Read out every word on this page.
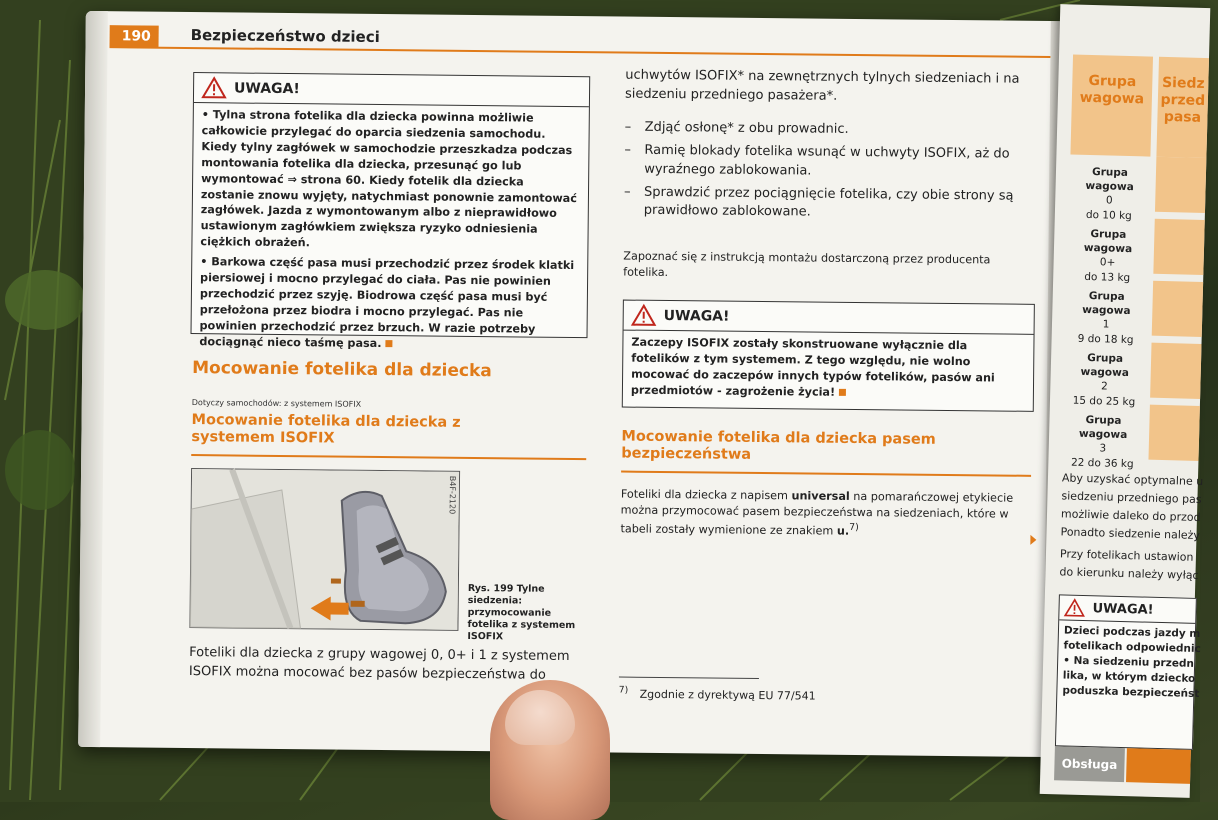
190	Bezpieczeństwo dzieci
UWAGA!

• Tylna strona fotelika dla dziecka powinna możliwie całkowicie przylegać do oparcia siedzenia samochodu. Kiedy tylny zagłówek w samochodzie przeszkadza podczas montowania fotelika dla dziecka, przesunąć go lub wymontować ⇒ strona 60. Kiedy fotelik dla dziecka zostanie znowu wyjęty, natychmiast ponownie zamontować zagłówek. Jazda z wymontowanym albo z nieprawidłowo ustawionym zagłówkiem zwiększa ryzyko odniesienia ciężkich obrażeń.

• Barkowa część pasa musi przechodzić przez środek klatki piersiowej i mocno przylegać do ciała. Pas nie powinien przechodzić przez szyję. Biodrowa część pasa musi być przełożona przez biodra i mocno przylegać. Pas nie powinien przechodzić przez brzuch. W razie potrzeby dociągnąć nieco taśmę pasa.

Mocowanie fotelika dla dziecka
Dotyczy samochodów: z systemem ISOFIX
Mocowanie fotelika dla dziecka z
systemem ISOFIX
B4F-2120
Rys. 199 Tylne siedzenia: przymocowanie fotelika z systemem ISOFIX
Foteliki dla dziecka z grupy wagowej 0, 0+ i 1 z systemem
ISOFIX można mocować bez pasów bezpieczeństwa do
uchwytów ISOFIX* na zewnętrznych tylnych siedzeniach i na siedzeniu przedniego pasażera*.
– Zdjąć osłonę* z obu prowadnic.
– Ramię blokady fotelika wsunąć w uchwyty ISOFIX, aż do wyraźnego zablokowania.
– Sprawdzić przez pociągnięcie fotelika, czy obie strony są prawidłowo zablokowane.
Zapoznać się z instrukcją montażu dostarczoną przez producenta fotelika.
UWAGA!
Zaczepy ISOFIX zostały skonstruowane wyłącznie dla fotelików z tym systemem. Z tego względu, nie wolno mocować do zaczepów innych typów fotelików, pasów ani przedmiotów - zagrożenie życia!
Mocowanie fotelika dla dziecka pasem
bezpieczeństwa
Foteliki dla dziecka z napisem universal na pomarańczowej etykiecie można przymocować pasem bezpieczeństwa na siedzeniach, które w tabeli zostały wymienione ze znakiem u.$^{7)}$
$^{7)}$ Zgodnie z dyrektywą EU 77/541
Grupa wagowa
Siedz przed pasa
Grupa wagowa
0
do 10 kg
Grupa wagowa
0+
do 13 kg
Grupa wagowa
1
9 do 18 kg
Grupa wagowa
2
15 do 25 kg
Grupa wagowa
3
22 do 36 kg
Aby uzyskać optymalne u
siedzeniu przedniego pas
możliwie daleko do przod
Ponadto siedzenie należy
Przy fotelikach ustawion
do kierunku należy wyłąc
UWAGA!
Dzieci podczas jazdy m
fotelikach odpowiednic
• Na siedzeniu przedn
lika, w którym dziecko
poduszka bezpieczeńst
Obsługa
